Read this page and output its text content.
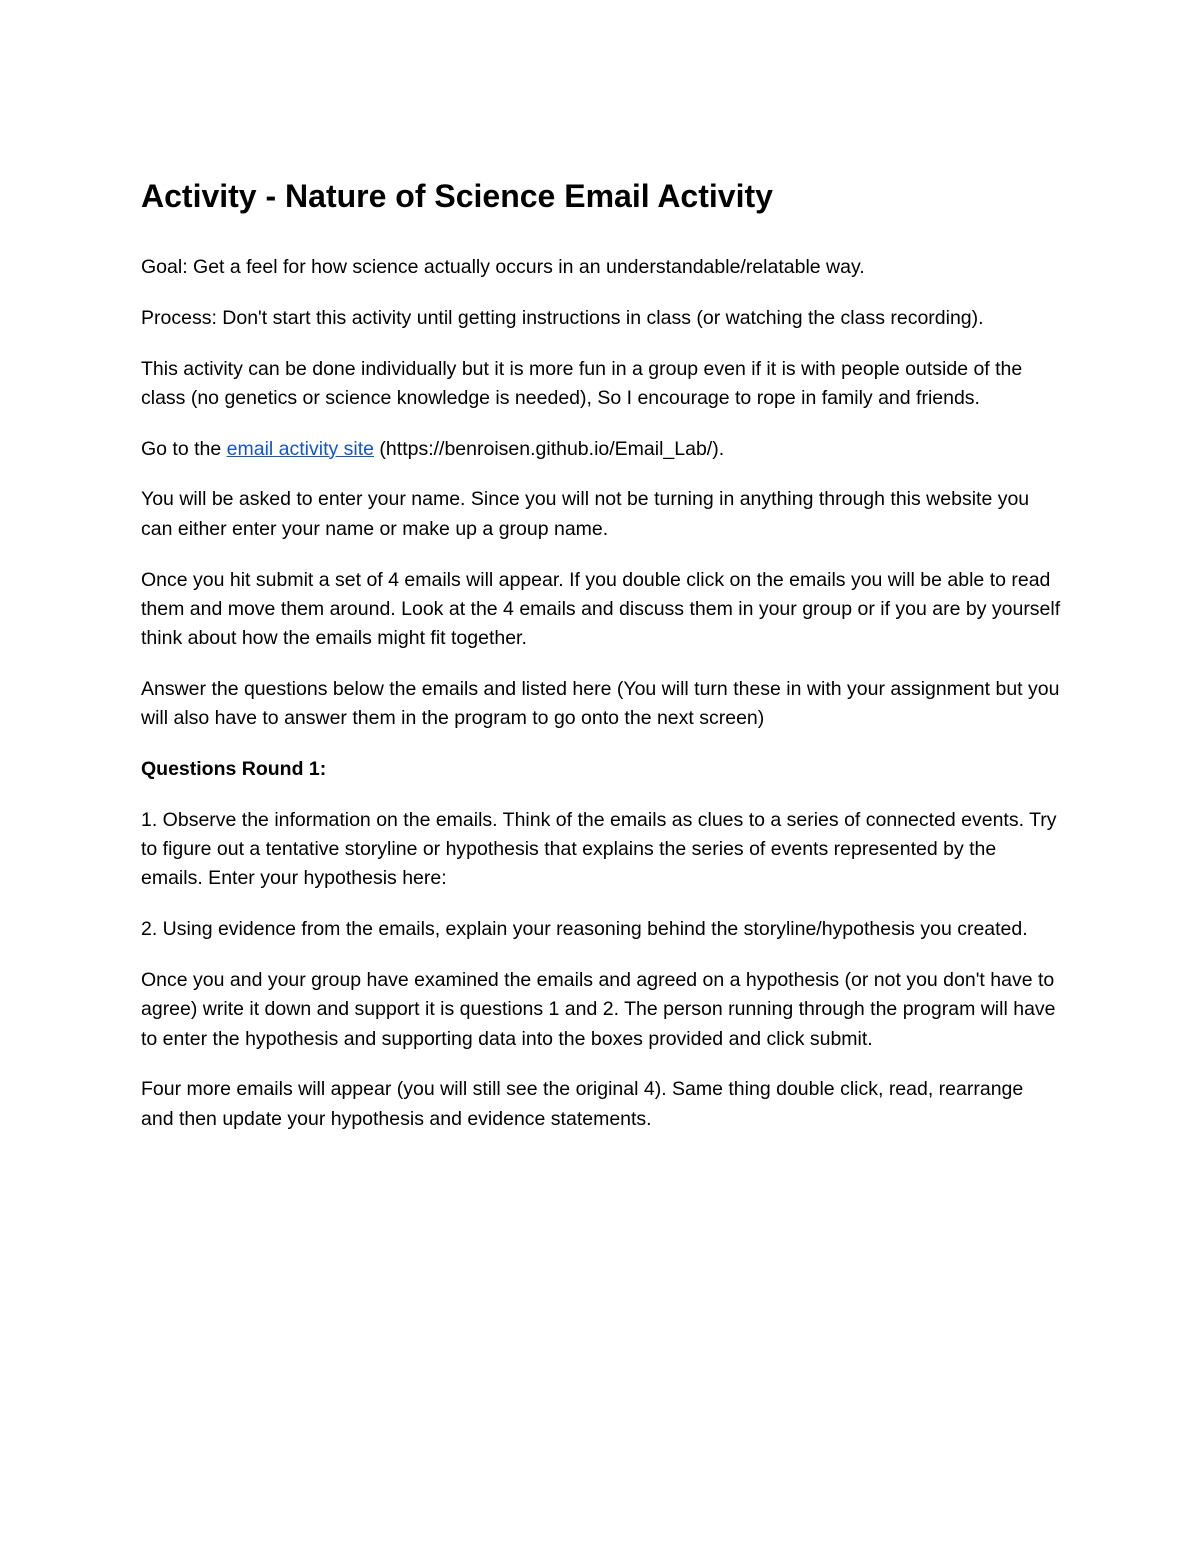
Activity - Nature of Science Email Activity

Goal: Get a feel for how science actually occurs in an understandable/relatable way.

Process: Don't start this activity until getting instructions in class (or watching the class recording).

This activity can be done individually but it is more fun in a group even if it is with people outside of the class (no genetics or science knowledge is needed), So I encourage to rope in family and friends.

Go to the email activity site (https://benroisen.github.io/Email_Lab/).

You will be asked to enter your name. Since you will not be turning in anything through this website you can either enter your name or make up a group name.

Once you hit submit a set of 4 emails will appear. If you double click on the emails you will be able to read them and move them around. Look at the 4 emails and discuss them in your group or if you are by yourself think about how the emails might fit together.

Answer the questions below the emails and listed here (You will turn these in with your assignment but you will also have to answer them in the program to go onto the next screen)

Questions Round 1:

1. Observe the information on the emails. Think of the emails as clues to a series of connected events. Try to figure out a tentative storyline or hypothesis that explains the series of events represented by the emails. Enter your hypothesis here:

2. Using evidence from the emails, explain your reasoning behind the storyline/hypothesis you created.

Once you and your group have examined the emails and agreed on a hypothesis (or not you don't have to agree) write it down and support it is questions 1 and 2. The person running through the program will have to enter the hypothesis and supporting data into the boxes provided and click submit.

Four more emails will appear (you will still see the original 4). Same thing double click, read, rearrange and then update your hypothesis and evidence statements.
